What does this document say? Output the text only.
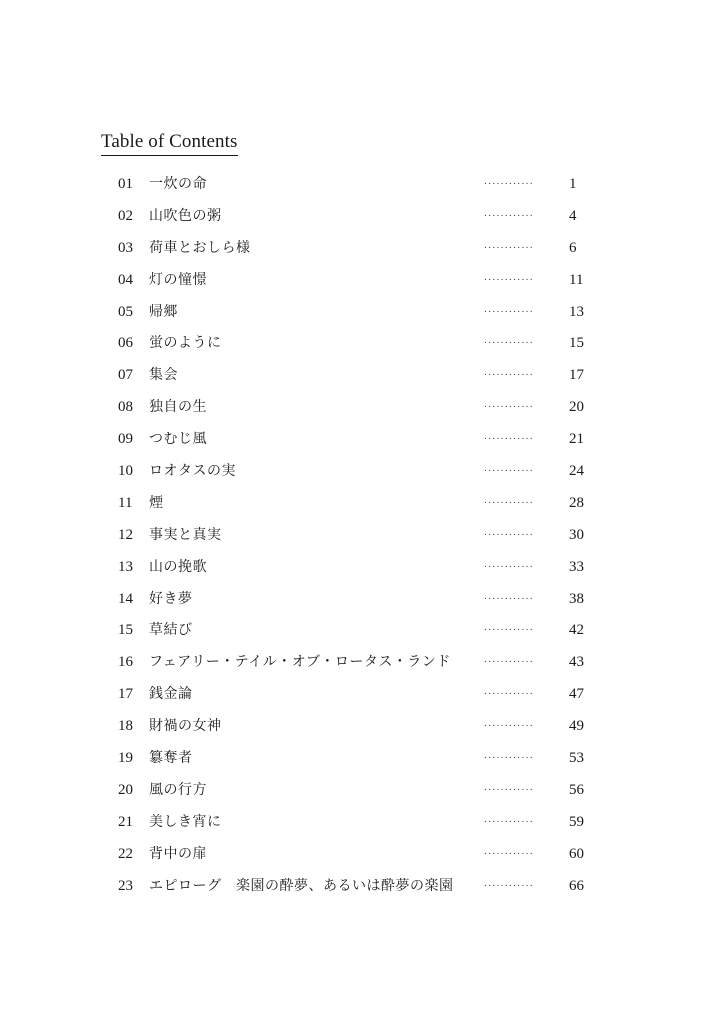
Table of Contents
01 一炊の命	............ 1
02 山吹色の粥	............ 4
03 荷車とおしら様	............ 6
04 灯の憧憬	............ 11
05 帰郷	............ 13
06 蛍のように	............ 15
07 集会	............ 17
08 独自の生	............ 20
09 つむじ風	............ 21
10 ロオタスの実	............ 24
11 煙	............ 28
12 事実と真実	............ 30
13 山の挽歌	............ 33
14 好き夢	............ 38
15 草結び	............ 42
16 フェアリー・テイル・オブ・ロータス・ランド	............ 43
17 銭金論	............ 47
18 財禍の女神	............ 49
19 簒奪者	............ 53
20 風の行方	............ 56
21 美しき宵に	............ 59
22 背中の扉	............ 60
23 エピローグ　楽園の酔夢、あるいは酔夢の楽園	............ 66
